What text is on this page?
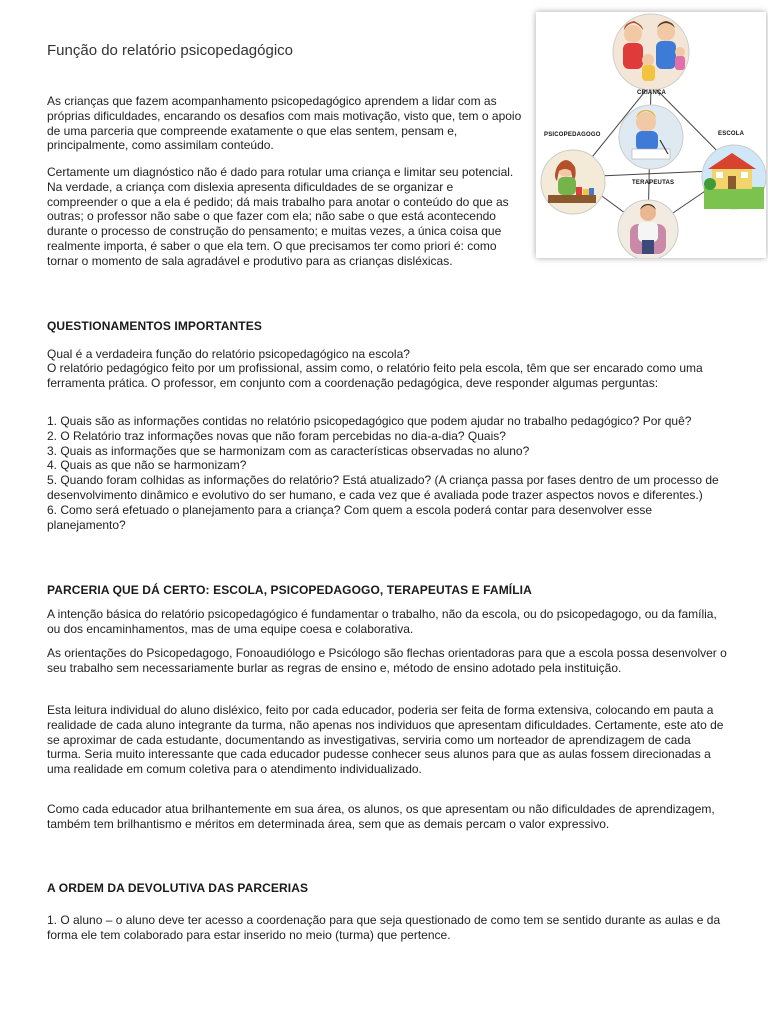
Função do relatório psicopedagógico

As crianças que fazem acompanhamento psicopedagógico aprendem a lidar com as próprias dificuldades, encarando os desafios com mais motivação, visto que, tem o apoio de uma parceria que compreende exatamente o que elas sentem, pensam e, principalmente, como assimilam conteúdo.

Certamente um diagnóstico não é dado para rotular uma criança e limitar seu potencial. Na verdade, a criança com dislexia apresenta dificuldades de se organizar e compreender o que a ela é pedido; dá mais trabalho para anotar o conteúdo do que as outras; o professor não sabe o que fazer com ela; não sabe o que está acontecendo durante o processo de construção do pensamento; e muitas vezes, a única coisa que realmente importa, é saber o que ela tem. O que precisamos ter como priori é: como tornar o momento de sala agradável e produtivo para as crianças disléxicas.

CRIANÇA
PSICOPEDAGOGO	ESCOLA
TERAPEUTAS
QUESTIONAMENTOS IMPORTANTES

Qual é a verdadeira função do relatório psicopedagógico na escola?

O relatório pedagógico feito por um profissional, assim como, o relatório feito pela escola, têm que ser encarado como uma ferramenta prática. O professor, em conjunto com a coordenação pedagógica, deve responder algumas perguntas:

1. Quais são as informações contidas no relatório psicopedagógico que podem ajudar no trabalho pedagógico? Por quê?
2. O Relatório traz informações novas que não foram percebidas no dia-a-dia? Quais?
3. Quais as informações que se harmonizam com as características observadas no aluno?
4. Quais as que não se harmonizam?
5. Quando foram colhidas as informações do relatório? Está atualizado? (A criança passa por fases dentro de um processo de desenvolvimento dinâmico e evolutivo do ser humano, e cada vez que é avaliada pode trazer aspectos novos e diferentes.)
6. Como será efetuado o planejamento para a criança? Com quem a escola poderá contar para desenvolver esse planejamento?
PARCERIA QUE DÁ CERTO: ESCOLA, PSICOPEDAGOGO, TERAPEUTAS E FAMÍLIA

A intenção básica do relatório psicopedagógico é fundamentar o trabalho, não da escola, ou do psicopedagogo, ou da família, ou dos encaminhamentos, mas de uma equipe coesa e colaborativa.

As orientações do Psicopedagogo, Fonoaudiólogo e Psicólogo são flechas orientadoras para que a escola possa desenvolver o seu trabalho sem necessariamente burlar as regras de ensino e, método de ensino adotado pela instituição.

Esta leitura individual do aluno disléxico, feito por cada educador, poderia ser feita de forma extensiva, colocando em pauta a realidade de cada aluno integrante da turma, não apenas nos individuos que apresentam dificuldades. Certamente, este ato de se aproximar de cada estudante, documentando as investigativas, serviria como um norteador de aprendizagem de cada turma. Seria muito interessante que cada educador pudesse conhecer seus alunos para que as aulas fossem direcionadas a uma realidade em comum coletiva para o atendimento individualizado.

Como cada educador atua brilhantemente em sua área, os alunos, os que apresentam ou não dificuldades de aprendizagem, também tem brilhantismo e méritos em determinada área, sem que as demais percam o valor expressivo.

A ORDEM DA DEVOLUTIVA DAS PARCERIAS

1. O aluno – o aluno deve ter acesso a coordenação para que seja questionado de como tem se sentido durante as aulas e da forma ele tem colaborado para estar inserido no meio (turma) que pertence.
